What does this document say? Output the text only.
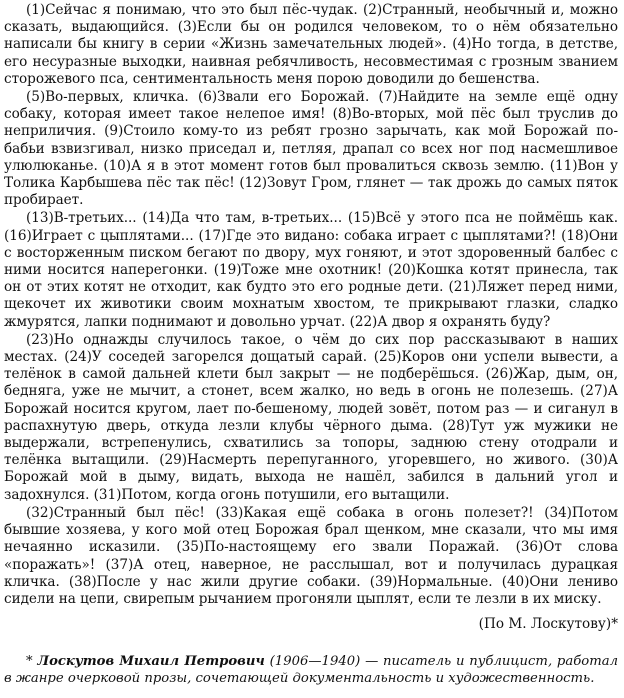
(1)Сейчас я понимаю, что это был пёс-чудак. (2)Странный, необычный и, можно сказать, выдающийся. (3)Если бы он родился человеком, то о нём обязательно написали бы книгу в серии «Жизнь замечательных людей». (4)Но тогда, в детстве, его несуразные выходки, наивная ребячливость, несовместимая с грозным званием сторожевого пса, сентиментальность меня порою доводили до бешенства.

(5)Во-первых, кличка. (6)Звали его Борожай. (7)Найдите на земле ещё одну собаку, которая имеет такое нелепое имя! (8)Во-вторых, мой пёс был труслив до неприличия. (9)Стоило кому-то из ребят грозно зарычать, как мой Борожай по-бабьи взвизгивал, низко приседал и, петляя, драпал со всех ног под насмешливое улюлюканье. (10)А я в этот момент готов был провалиться сквозь землю. (11)Вон у Толика Карбышева пёс так пёс! (12)Зовут Гром, глянет — так дрожь до самых пяток пробирает.

(13)В-третьих... (14)Да что там, в-третьих... (15)Всё у этого пса не поймёшь как. (16)Играет с цыплятами... (17)Где это видано: собака играет с цыплятами?! (18)Они с восторженным писком бегают по двору, мух гоняют, и этот здоровенный балбес с ними носится наперегонки. (19)Тоже мне охотник! (20)Кошка котят принесла, так он от этих котят не отходит, как будто это его родные дети. (21)Ляжет перед ними, щекочет их животики своим мохнатым хвостом, те прикрывают глазки, сладко жмурятся, лапки поднимают и довольно урчат. (22)А двор я охранять буду?

(23)Но однажды случилось такое, о чём до сих пор рассказывают в наших местах. (24)У соседей загорелся дощатый сарай. (25)Коров они успели вывести, а телёнок в самой дальней клети был закрыт — не подберёшься. (26)Жар, дым, он, бедняга, уже не мычит, а стонет, всем жалко, но ведь в огонь не полезешь. (27)А Борожай носится кругом, лает по-бешеному, людей зовёт, потом раз — и сиганул в распахнутую дверь, откуда лезли клубы чёрного дыма. (28)Тут уж мужики не выдержали, встрепенулись, схватились за топоры, заднюю стену отодрали и телёнка вытащили. (29)Насмерть перепуганного, угоревшего, но живого. (30)А Борожай мой в дыму, видать, выхода не нашёл, забился в дальний угол и задохнулся. (31)Потом, когда огонь потушили, его вытащили.

(32)Странный был пёс! (33)Какая ещё собака в огонь полезет?! (34)Потом бывшие хозяева, у кого мой отец Борожая брал щенком, мне сказали, что мы имя нечаянно исказили. (35)По-настоящему его звали Поражай. (36)От слова «поражать»! (37)А отец, наверное, не расслышал, вот и получилась дурацкая кличка. (38)После у нас жили другие собаки. (39)Нормальные. (40)Они лениво сидели на цепи, свирепым рычанием прогоняли цыплят, если те лезли в их миску.

(По М. Лоскутову)*

* Лоскутов Михаил Петрович (1906—1940) — писатель и публицист, работал в жанре очерковой прозы, сочетающей документальность и художественность.
